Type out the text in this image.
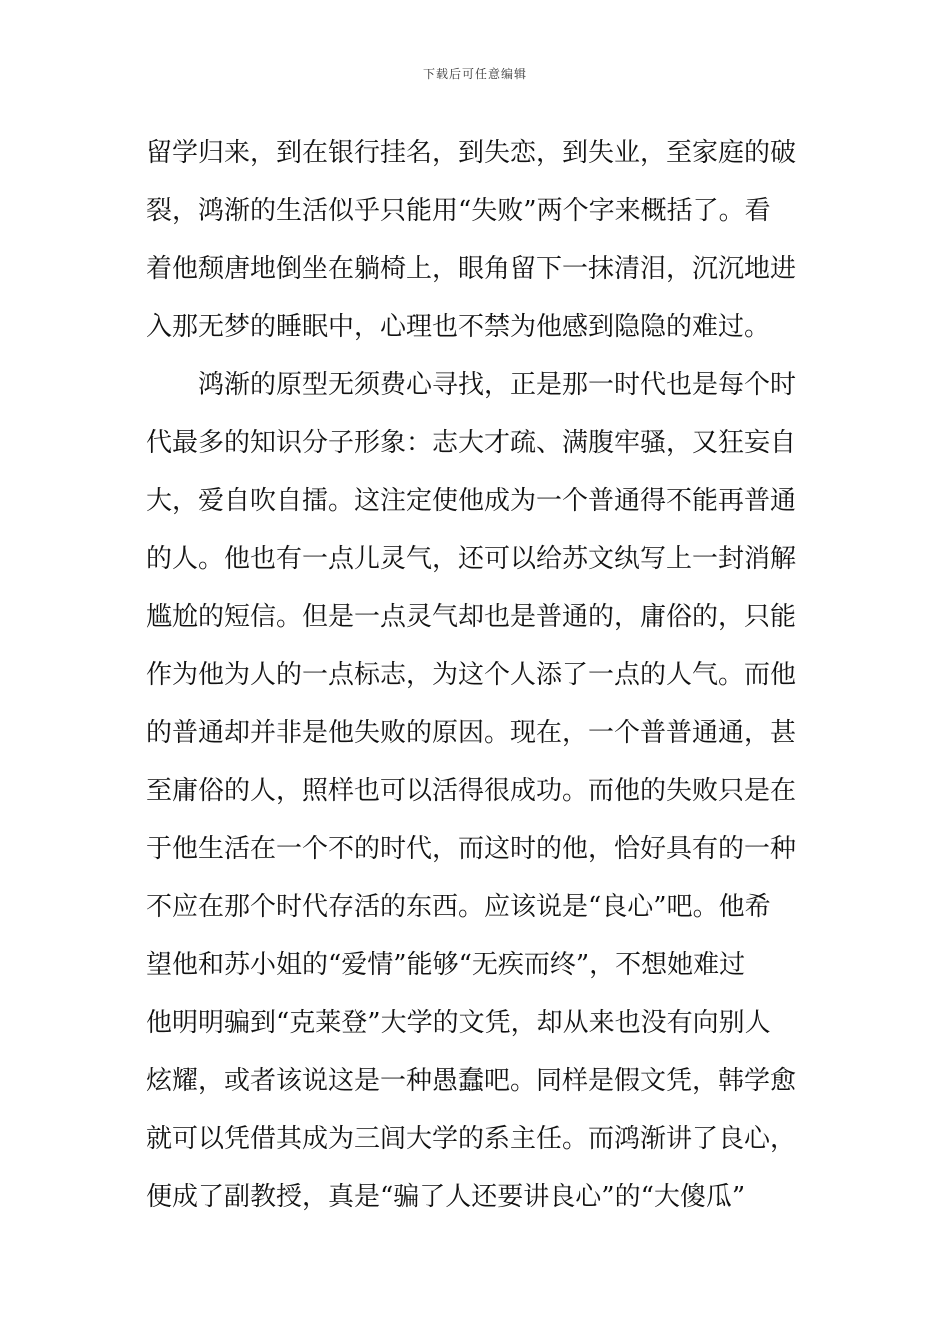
下载后可任意编辑
留学归来，到在银行挂名，到失恋，到失业，至家庭的破
裂，鸿渐的生活似乎只能用“失败”两个字来概括了。看
着他颓唐地倒坐在躺椅上，眼角留下一抹清泪，沉沉地进
入那无梦的睡眠中，心理也不禁为他感到隐隐的难过。
　　鸿渐的原型无须费心寻找，正是那一时代也是每个时
代最多的知识分子形象：志大才疏、满腹牢骚，又狂妄自
大，爱自吹自擂。这注定使他成为一个普通得不能再普通
的人。他也有一点儿灵气，还可以给苏文纨写上一封消解
尴尬的短信。但是一点灵气却也是普通的，庸俗的，只能
作为他为人的一点标志，为这个人添了一点的人气。而他
的普通却并非是他失败的原因。现在，一个普普通通，甚
至庸俗的人，照样也可以活得很成功。而他的失败只是在
于他生活在一个不的时代，而这时的他，恰好具有的一种
不应在那个时代存活的东西。应该说是“良心”吧。他希
望他和苏小姐的“爱情”能够“无疾而终”，不想她难过
他明明骗到“克莱登”大学的文凭，却从来也没有向别人
炫耀，或者该说这是一种愚蠢吧。同样是假文凭，韩学愈
就可以凭借其成为三闾大学的系主任。而鸿渐讲了良心，
便成了副教授，真是“骗了人还要讲良心”的“大傻瓜”
